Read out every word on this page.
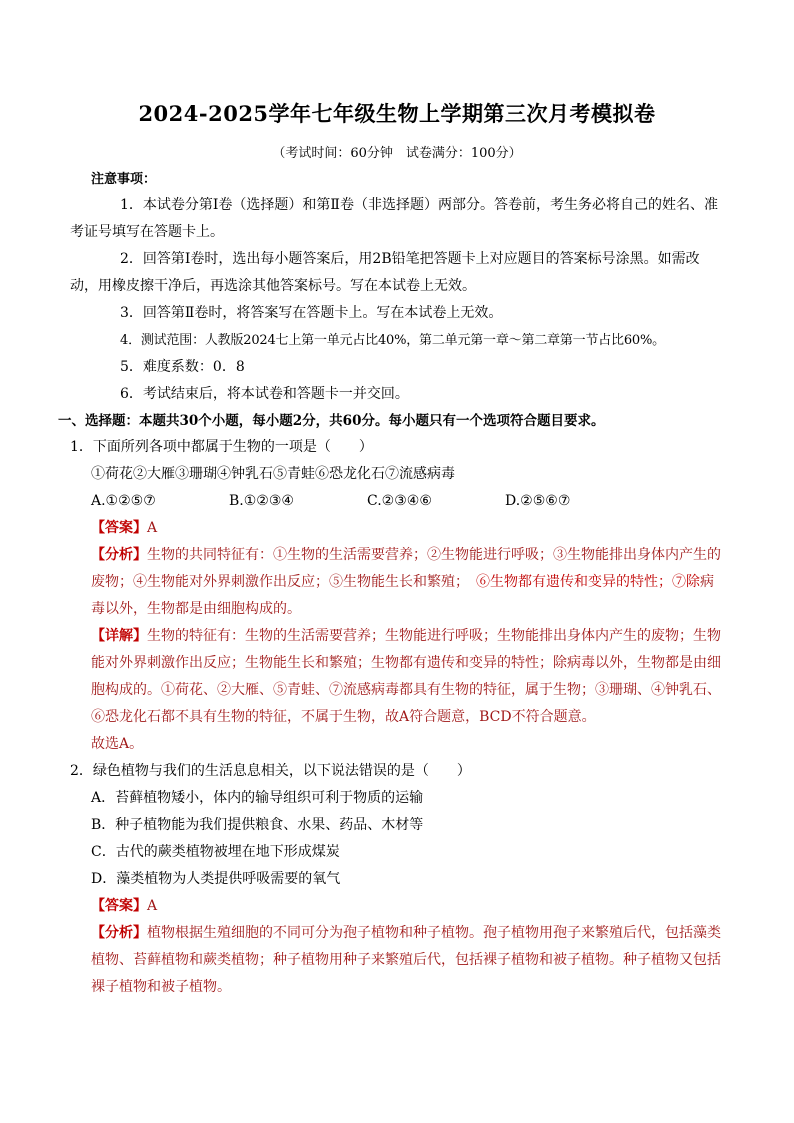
2024-2025学年七年级生物上学期第三次月考模拟卷
（考试时间：60分钟　试卷满分：100分）
注意事项：

1．本试卷分第Ⅰ卷（选择题）和第Ⅱ卷（非选择题）两部分。答卷前，考生务必将自己的姓名、准考证号填写在答题卡上。

2．回答第Ⅰ卷时，选出每小题答案后，用2B铅笔把答题卡上对应题目的答案标号涂黑。如需改动，用橡皮擦干净后，再选涂其他答案标号。写在本试卷上无效。

3．回答第Ⅱ卷时，将答案写在答题卡上。写在本试卷上无效。

4．测试范围：人教版2024七上第一单元占比40%，第二单元第一章～第二章第一节占比60%。

5．难度系数：0．8

6．考试结束后，将本试卷和答题卡一并交回。

一、选择题：本题共30个小题，每小题2分，共60分。每小题只有一个选项符合题目要求。

1．下面所列各项中都属于生物的一项是（　　）

①荷花②大雁③珊瑚④钟乳石⑤青蛙⑥恐龙化石⑦流感病毒

A.①②⑤⑦	B.①②③④	C.②③④⑥	D.②⑤⑥⑦

【答案】A

【分析】生物的共同特征有：①生物的生活需要营养；②生物能进行呼吸；③生物能排出身体内产生的废物；④生物能对外界刺激作出反应；⑤生物能生长和繁殖；　⑥生物都有遗传和变异的特性；⑦除病毒以外，生物都是由细胞构成的。

【详解】生物的特征有：生物的生活需要营养；生物能进行呼吸；生物能排出身体内产生的废物；生物能对外界刺激作出反应；生物能生长和繁殖；生物都有遗传和变异的特性；除病毒以外，生物都是由细胞构成的。①荷花、②大雁、⑤青蛙、⑦流感病毒都具有生物的特征，属于生物；③珊瑚、④钟乳石、⑥恐龙化石都不具有生物的特征，不属于生物，故A符合题意，BCD不符合题意。

故选A。

2．绿色植物与我们的生活息息相关，以下说法错误的是（　　）

A．苔藓植物矮小，体内的输导组织可利于物质的运输

B．种子植物能为我们提供粮食、水果、药品、木材等

C．古代的蕨类植物被埋在地下形成煤炭

D．藻类植物为人类提供呼吸需要的氧气

【答案】A

【分析】植物根据生殖细胞的不同可分为孢子植物和种子植物。孢子植物用孢子来繁殖后代，包括藻类植物、苔藓植物和蕨类植物；种子植物用种子来繁殖后代，包括裸子植物和被子植物。种子植物又包括裸子植物和被子植物。
